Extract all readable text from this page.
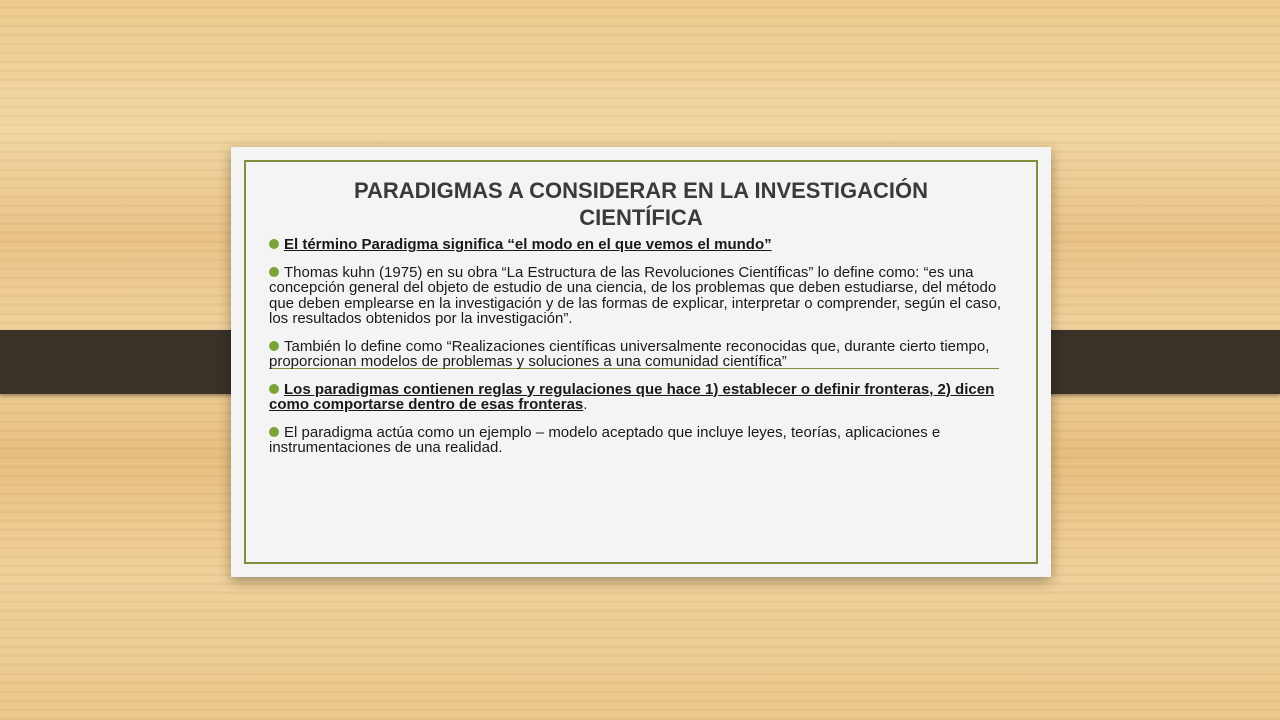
PARADIGMAS A CONSIDERAR EN LA INVESTIGACIÓN CIENTÍFICA
El término Paradigma significa “el modo en el que vemos el mundo”
Thomas kuhn (1975) en su obra “La Estructura de las Revoluciones Científicas” lo define como: “es una concepción general del objeto de estudio de una ciencia, de los problemas que deben estudiarse, del método que deben emplearse en la investigación y de las formas de explicar, interpretar o comprender, según el caso, los resultados obtenidos por la investigación”.
También lo define como “Realizaciones científicas universalmente reconocidas que, durante cierto tiempo, proporcionan modelos de problemas y soluciones a una comunidad científica”
Los paradigmas contienen reglas y regulaciones que hace 1) establecer o definir fronteras, 2) dicen como comportarse dentro de esas fronteras.
El paradigma actúa como un ejemplo – modelo aceptado que incluye leyes, teorías, aplicaciones e instrumentaciones de una realidad.
